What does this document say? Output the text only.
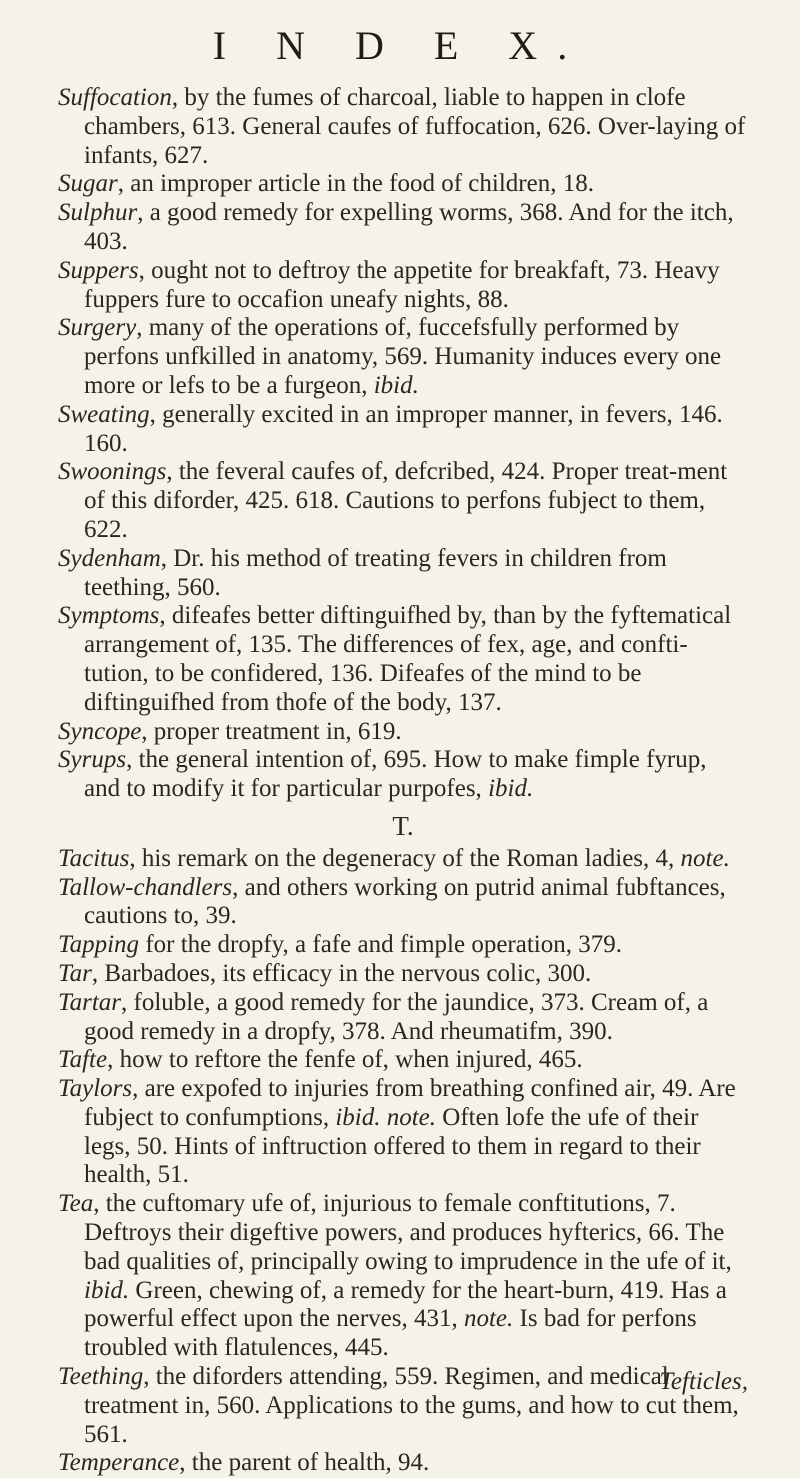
I N D E X.

Suffocation, by the fumes of charcoal, liable to happen in clofe chambers, 613. General caufes of fuffocation, 626. Over-laying of infants, 627.

Sugar, an improper article in the food of children, 18.

Sulphur, a good remedy for expelling worms, 368. And for the itch, 403.

Suppers, ought not to deftroy the appetite for breakfaft, 73. Heavy fuppers fure to occafion uneafy nights, 88.

Surgery, many of the operations of, fuccefsfully performed by perfons unfkilled in anatomy, 569. Humanity induces every one more or lefs to be a furgeon, ibid.

Sweating, generally excited in an improper manner, in fevers, 146. 160.

Swoonings, the feveral caufes of, defcribed, 424. Proper treat-ment of this diforder, 425. 618. Cautions to perfons fubject to them, 622.

Sydenham, Dr. his method of treating fevers in children from teething, 560.

Symptoms, difeafes better diftinguifhed by, than by the fyftematical arrangement of, 135. The differences of fex, age, and confti-tution, to be confidered, 136. Difeafes of the mind to be diftinguifhed from thofe of the body, 137.

Syncope, proper treatment in, 619.

Syrups, the general intention of, 695. How to make fimple fyrup, and to modify it for particular purpofes, ibid.

T.

Tacitus, his remark on the degeneracy of the Roman ladies, 4, note.

Tallow-chandlers, and others working on putrid animal fubftances, cautions to, 39.

Tapping for the dropfy, a fafe and fimple operation, 379.

Tar, Barbadoes, its efficacy in the nervous colic, 300.

Tartar, foluble, a good remedy for the jaundice, 373. Cream of, a good remedy in a dropfy, 378. And rheumatifm, 390.

Tafte, how to reftore the fenfe of, when injured, 465.

Taylors, are expofed to injuries from breathing confined air, 49. Are fubject to confumptions, ibid. note. Often lofe the ufe of their legs, 50. Hints of inftruction offered to them in regard to their health, 51.

Tea, the cuftomary ufe of, injurious to female conftitutions, 7. Deftroys their digeftive powers, and produces hyfterics, 66. The bad qualities of, principally owing to imprudence in the ufe of it, ibid. Green, chewing of, a remedy for the heart-burn, 419. Has a powerful effect upon the nerves, 431, note. Is bad for perfons troubled with flatulences, 445.

Teething, the diforders attending, 559. Regimen, and medical treatment in, 560. Applications to the gums, and how to cut them, 561.

Temperance, the parent of health, 94.

Tefticles,
